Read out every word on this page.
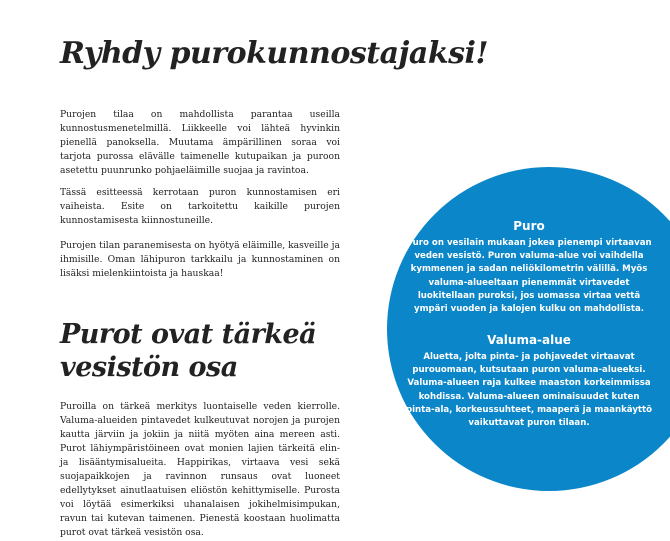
Ryhdy purokunnostajaksi!

Purojen tilaa on mahdollista parantaa useilla kunnostusmenetelmillä. Liikkeelle voi lähteä hyvinkin pienellä panoksella. Muutama ämpärillinen soraa voi tarjota purossa elävälle taimenelle kutupaikan ja puroon asetettu puunrunko pohjaeläimille suojaa ja ravintoa.

Tässä esitteessä kerrotaan puron kunnostamisen eri vaiheista. Esite on tarkoitettu kaikille purojen kunnostamisesta kiinnostuneille.

Purojen tilan paranemisesta on hyötyä eläimille, kasveille ja ihmisille. Oman lähipuron tarkkailu ja kunnostaminen on lisäksi mielenkiintoista ja hauskaa!

Purot ovat tärkeä vesistön osa

Puroilla on tärkeä merkitys luontaiselle veden kierrolle. Valuma-alueiden pintavedet kulkeutuvat norojen ja purojen kautta järviin ja jokiin ja niitä myöten aina mereen asti. Purot lähiympäristöineen ovat monien lajien tärkeitä elin- ja lisääntymisalueita. Happirikas, virtaava vesi sekä suojapaikkojen ja ravinnon runsaus ovat luoneet edellytykset ainutlaatuisen eliöstön kehittymiselle. Purosta voi löytää esimerkiksi uhanalaisen jokihelmisimpukan, ravun tai kutevan taimenen. Pienestä koostaan huolimatta purot ovat tärkeä vesistön osa.

Puro

Puro on vesilain mukaan jokea pienempi virtaavan veden vesistö. Puron valuma-alue voi vaihdella kymmenen ja sadan neliökilometrin välillä. Myös valuma-alueeltaan pienemmät virtavedet luokitellaan puroksi, jos uomassa virtaa vettä ympäri vuoden ja kalojen kulku on mahdollista.

Valuma-alue

Aluetta, jolta pinta- ja pohjavedet virtaavat purouomaan, kutsutaan puron valuma-alueeksi. Valuma-alueen raja kulkee maaston korkeimmissa kohdissa. Valuma-alueen ominaisuudet kuten pinta-ala, korkeussuhteet, maaperä ja maankäyttö vaikuttavat puron tilaan.
